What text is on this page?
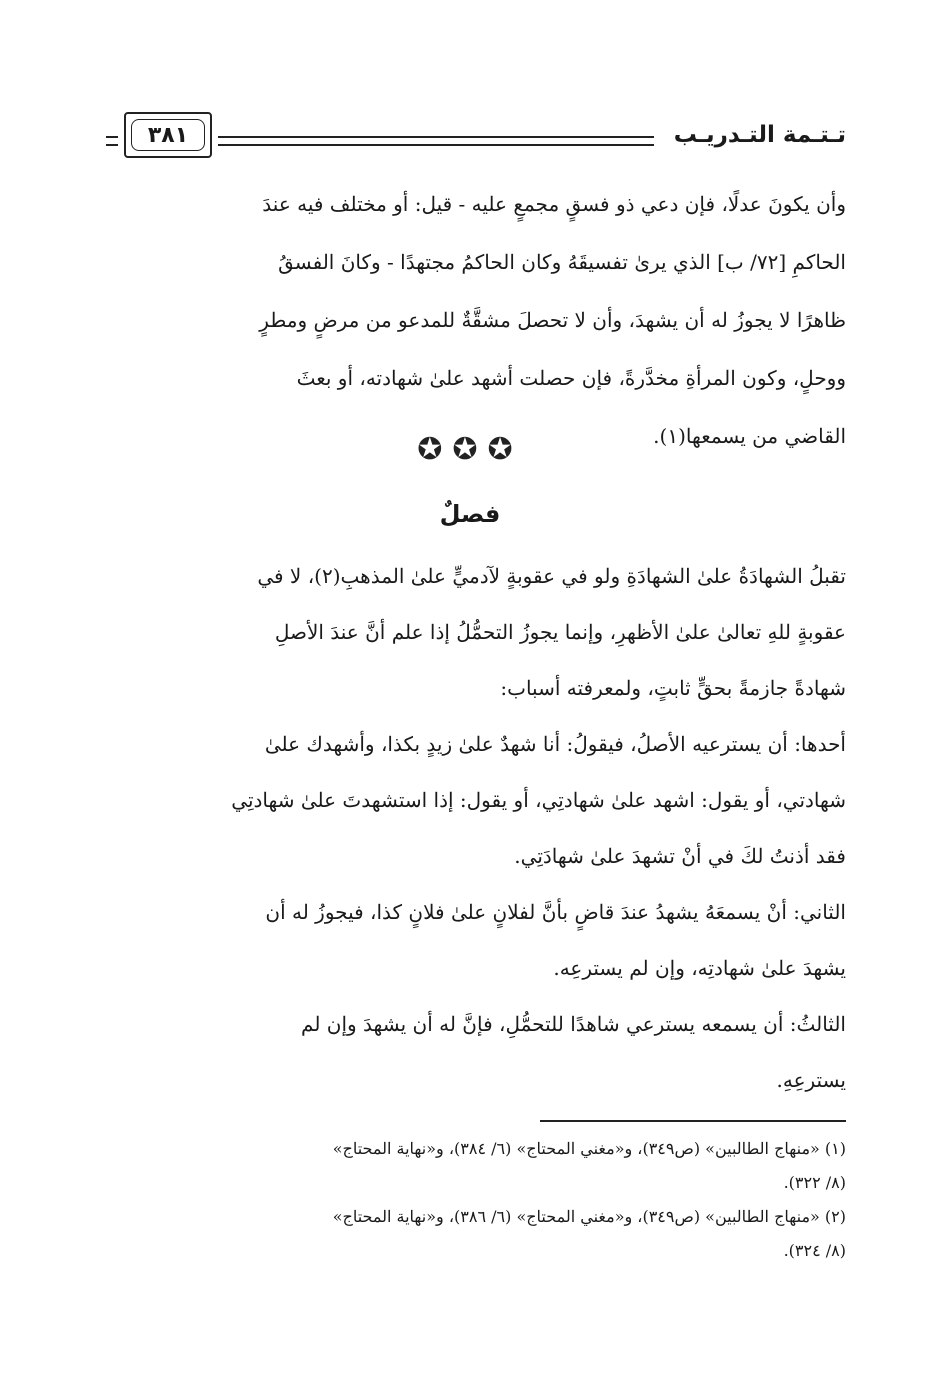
تـتـمة التـدريـب
٣٨١
وأن يكونَ عدلًا، فإن دعي ذو فسقٍ مجمعٍ عليه - قيل: أو مختلف فيه عندَ
الحاكمِ [٧٢/ ب] الذي يرىٰ تفسيقَهُ وكان الحاكمُ مجتهدًا - وكانَ الفسقُ
ظاهرًا لا يجوزُ له أن يشهدَ، وأن لا تحصلَ مشقَّةٌ للمدعو من مرضٍ ومطرٍ
ووحلٍ، وكون المرأةِ مخدَّرةً، فإن حصلت أشهد علىٰ شهادته، أو بعثَ
القاضي من يسمعها(١).
✪✪✪
فصلٌ
تقبلُ الشهادَةُ علىٰ الشهادَةِ ولو في عقوبةٍ لآدميٍّ علىٰ المذهبِ(٢)، لا في
عقوبةٍ للهِ تعالىٰ علىٰ الأظهرِ، وإنما يجوزُ التحمُّلُ إذا علم أنَّ عندَ الأصلِ
شهادةً جازمةً بحقٍّ ثابتٍ، ولمعرفته أسباب:
أحدها: أن يسترعيه الأصلُ، فيقولُ: أنا شهدٌ علىٰ زيدٍ بكذا، وأشهدك علىٰ
شهادتي، أو يقول: اشهد علىٰ شهادتِي، أو يقول: إذا استشهدتَ علىٰ شهادتِي
فقد أذنتُ لكَ في أنْ تشهدَ علىٰ شهادَتِي.
الثاني: أنْ يسمعَهُ يشهدُ عندَ قاضٍ بأنَّ لفلانٍ علىٰ فلانٍ كذا، فيجوزُ له أن
يشهدَ علىٰ شهادتِه، وإن لم يسترعِه.
الثالثُ: أن يسمعه يسترعي شاهدًا للتحمُّلِ، فإنَّ له أن يشهدَ وإن لم
يسترعِهِ.
(١) «منهاج الطالبين» (ص٣٤٩)، و«مغني المحتاج» (٦/ ٣٨٤)، و«نهاية المحتاج»
(٨/ ٣٢٢).
(٢) «منهاج الطالبين» (ص٣٤٩)، و«مغني المحتاج» (٦/ ٣٨٦)، و«نهاية المحتاج»
(٨/ ٣٢٤).
